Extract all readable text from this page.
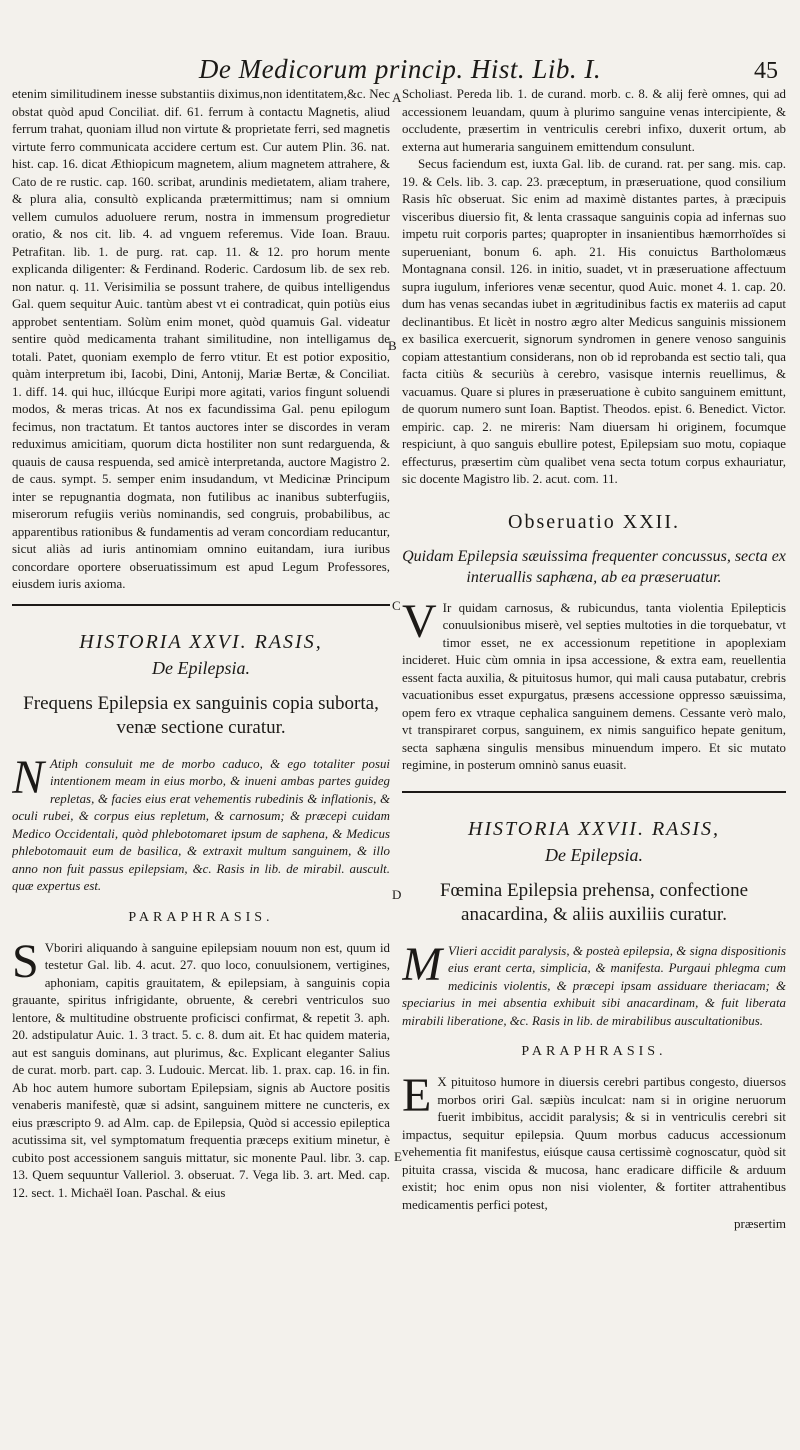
De Medicorum princip. Hist. Lib. I.	45
A
B
C
D
E

etenim similitudinem inesse substantiis diximus,non identitatem,&c. Nec obstat quòd apud Conciliat. dif. 61. ferrum à contactu Magnetis, aliud ferrum trahat, quoniam illud non virtute & proprietate ferri, sed magnetis virtute ferro communicata accidere certum est. Cur autem Plin. 36. nat. hist. cap. 16. dicat Æthiopicum magnetem, alium magnetem attrahere, & Cato de re rustic. cap. 160. scribat, arundinis medietatem, aliam trahere, & plura alia, consultò explicanda prætermittimus; nam si omnium vellem cumulos aduoluere rerum, nostra in immensum progredietur oratio, & nos cit. lib. 4. ad vnguem referemus. Vide Ioan. Brauu. Petrafitan. lib. 1. de purg. rat. cap. 11. & 12. pro horum mente explicanda diligenter: & Ferdinand. Roderic. Cardosum lib. de sex reb. non natur. q. 11. Verisimilia se possunt trahere, de quibus intelligendus Gal. quem sequitur Auic. tantùm abest vt ei contradicat, quin potiùs eius approbet sententiam. Solùm enim monet, quòd quamuis Gal. videatur sentire quòd medicamenta trahant similitudine, non intelligamus de totali. Patet, quoniam exemplo de ferro vtitur. Et est potior expositio, quàm interpretum ibi, Iacobi, Dini, Antonij, Mariæ Bertæ, & Conciliat. 1. diff. 14. qui huc, illúcque Euripi more agitati, varios fingunt soluendi modos, & meras tricas. At nos ex facundissima Gal. penu epilogum fecimus, non tractatum. Et tantos auctores inter se discordes in veram reduximus amicitiam, quorum dicta hostiliter non sunt redarguenda, & quauis de causa respuenda, sed amicè interpretanda, auctore Magistro 2. de caus. sympt. 5. semper enim insudandum, vt Medicinæ Principum inter se repugnantia dogmata, non futilibus ac inanibus subterfugiis, miserorum refugiis veriùs nominandis, sed congruis, probabilibus, ac apparentibus rationibus & fundamentis ad veram concordiam reducantur, sicut aliàs ad iuris antinomiam omnino euitandam, iura iuribus concordare oportere obseruatissimum est apud Legum Professores, eiusdem iuris axioma.

HISTORIA XXVI. RASIS,
De Epilepsia.
Frequens Epilepsia ex sanguinis copia suborta, venæ sectione curatur.

N Atiph consuluit me de morbo caduco, & ego totaliter posui intentionem meam in eius morbo, & inueni ambas partes guideg repletas, & facies eius erat vehementis rubedinis & inflationis, & oculi rubei, & corpus eius repletum, & carnosum; & præcepi cuidam Medico Occidentali, quòd phlebotomaret ipsum de saphena, & Medicus phlebotomauit eum de basilica, & extraxit multum sanguinem, & illo anno non fuit passus epilepsiam, &c. Rasis in lib. de mirabil. auscult. quæ expertus est.

PARAPHRASIS.

S Vboriri aliquando à sanguine epilepsiam nouum non est, quum id testetur Gal. lib. 4. acut. 27. quo loco, conuulsionem, vertigines, aphoniam, capitis grauitatem, & epilepsiam, à sanguinis copia grauante, spiritus infrigidante, obruente, & cerebri ventriculos suo lentore, & multitudine obstruente proficisci confirmat, & repetit 3. aph. 20. adstipulatur Auic. 1. 3 tract. 5. c. 8. dum ait. Et hac quidem materia, aut est sanguis dominans, aut plurimus, &c. Explicant eleganter Salius de curat. morb. part. cap. 3. Ludouic. Mercat. lib. 1. prax. cap. 16. in fin. Ab hoc autem humore subortam Epilepsiam, signis ab Auctore positis venaberis manifestè, quæ si adsint, sanguinem mittere ne cuncteris, ex eius præscripto 9. ad Alm. cap. de Epilepsia, Quòd si accessio epileptica acutissima sit, vel symptomatum frequentia præceps exitium minetur, è cubito post accessionem sanguis mittatur, sic monente Paul. libr. 3. cap. 13. Quem sequuntur Valleriol. 3. obseruat. 7. Vega lib. 3. art. Med. cap. 12. sect. 1. Michaël Ioan. Paschal. & eius

Scholiast. Pereda lib. 1. de curand. morb. c. 8. & alij ferè omnes, qui ad accessionem leuandam, quum à plurimo sanguine venas intercipiente, & occludente, præsertim in ventriculis cerebri infixo, duxerit ortum, ab externa aut humeraria sanguinem emittendum consulunt.

Secus faciendum est, iuxta Gal. lib. de curand. rat. per sang. mis. cap. 19. & Cels. lib. 3. cap. 23. præceptum, in præseruatione, quod consilium Rasis hîc obseruat. Sic enim ad maximè distantes partes, à præcipuis visceribus diuersio fit, & lenta crassaque sanguinis copia ad infernas suo impetu ruit corporis partes; quapropter in insanientibus hæmorrhoïdes si superueniant, bonum 6. aph. 21. His conuictus Bartholomæus Montagnana consil. 126. in initio, suadet, vt in præseruatione affectuum supra iugulum, inferiores venæ secentur, quod Auic. monet 4. 1. cap. 20. dum has venas secandas iubet in ægritudinibus factis ex materiis ad caput declinantibus. Et licèt in nostro ægro alter Medicus sanguinis missionem ex basilica exercuerit, signorum syndromen in genere venoso sanguinis copiam attestantium considerans, non ob id reprobanda est sectio tali, qua facta citiùs & securiùs à cerebro, vasisque internis reuellimus, & vacuamus. Quare si plures in præseruatione è cubito sanguinem emittunt, de quorum numero sunt Ioan. Baptist. Theodos. epist. 6. Benedict. Victor. empiric. cap. 2. ne mireris: Nam diuersam hi originem, focumque respiciunt, à quo sanguis ebullire potest, Epilepsiam suo motu, copiaque effecturus, præsertim cùm qualibet vena secta totum corpus exhauriatur, sic docente Magistro lib. 2. acut. com. 11.

Obseruatio XXII.
Quidam Epilepsia sæuissima frequenter concussus, secta ex interuallis saphæna, ab ea præseruatur.

V Ir quidam carnosus, & rubicundus, tanta violentia Epilepticis conuulsionibus miserè, vel septies multoties in die torquebatur, vt timor esset, ne ex accessionum repetitione in apoplexiam incideret. Huic cùm omnia in ipsa accessione, & extra eam, reuellentia essent facta auxilia, & pituitosus humor, qui mali causa putabatur, crebris vacuationibus esset expurgatus, præsens accessione oppresso sæuissima, opem fero ex vtraque cephalica sanguinem demens. Cessante verò malo, vt transpiraret corpus, sanguinem, ex nimis sanguifico hepate genitum, secta saphæna singulis mensibus minuendum impero. Et sic mutato regimine, in posterum omninò sanus euasit.

HISTORIA XXVII. RASIS,
De Epilepsia.
Fœmina Epilepsia prehensa, confectione anacardina, & aliis auxiliis curatur.

M Vlieri accidit paralysis, & posteà epilepsia, & signa dispositionis eius erant certa, simplicia, & manifesta. Purgaui phlegma cum medicinis violentis, & præcepi ipsam assiduare theriacam; & speciarius in mei absentia exhibuit sibi anacardinam, & fuit liberata mirabili liberatione, &c. Rasis in lib. de mirabilibus auscultationibus.

PARAPHRASIS.

E X pituitoso humore in diuersis cerebri partibus congesto, diuersos morbos oriri Gal. sæpiùs inculcat: nam si in origine neruorum fuerit imbibitus, accidit paralysis; & si in ventriculis cerebri sit impactus, sequitur epilepsia. Quum morbus caducus accessionum vehementia fit manifestus, eiúsque causa certissimè cognoscatur, quòd sit pituita crassa, viscida & mucosa, hanc eradicare difficile & arduum existit; hoc enim opus non nisi violenter, & fortiter attrahentibus medicamentis perfici potest,

præsertim
